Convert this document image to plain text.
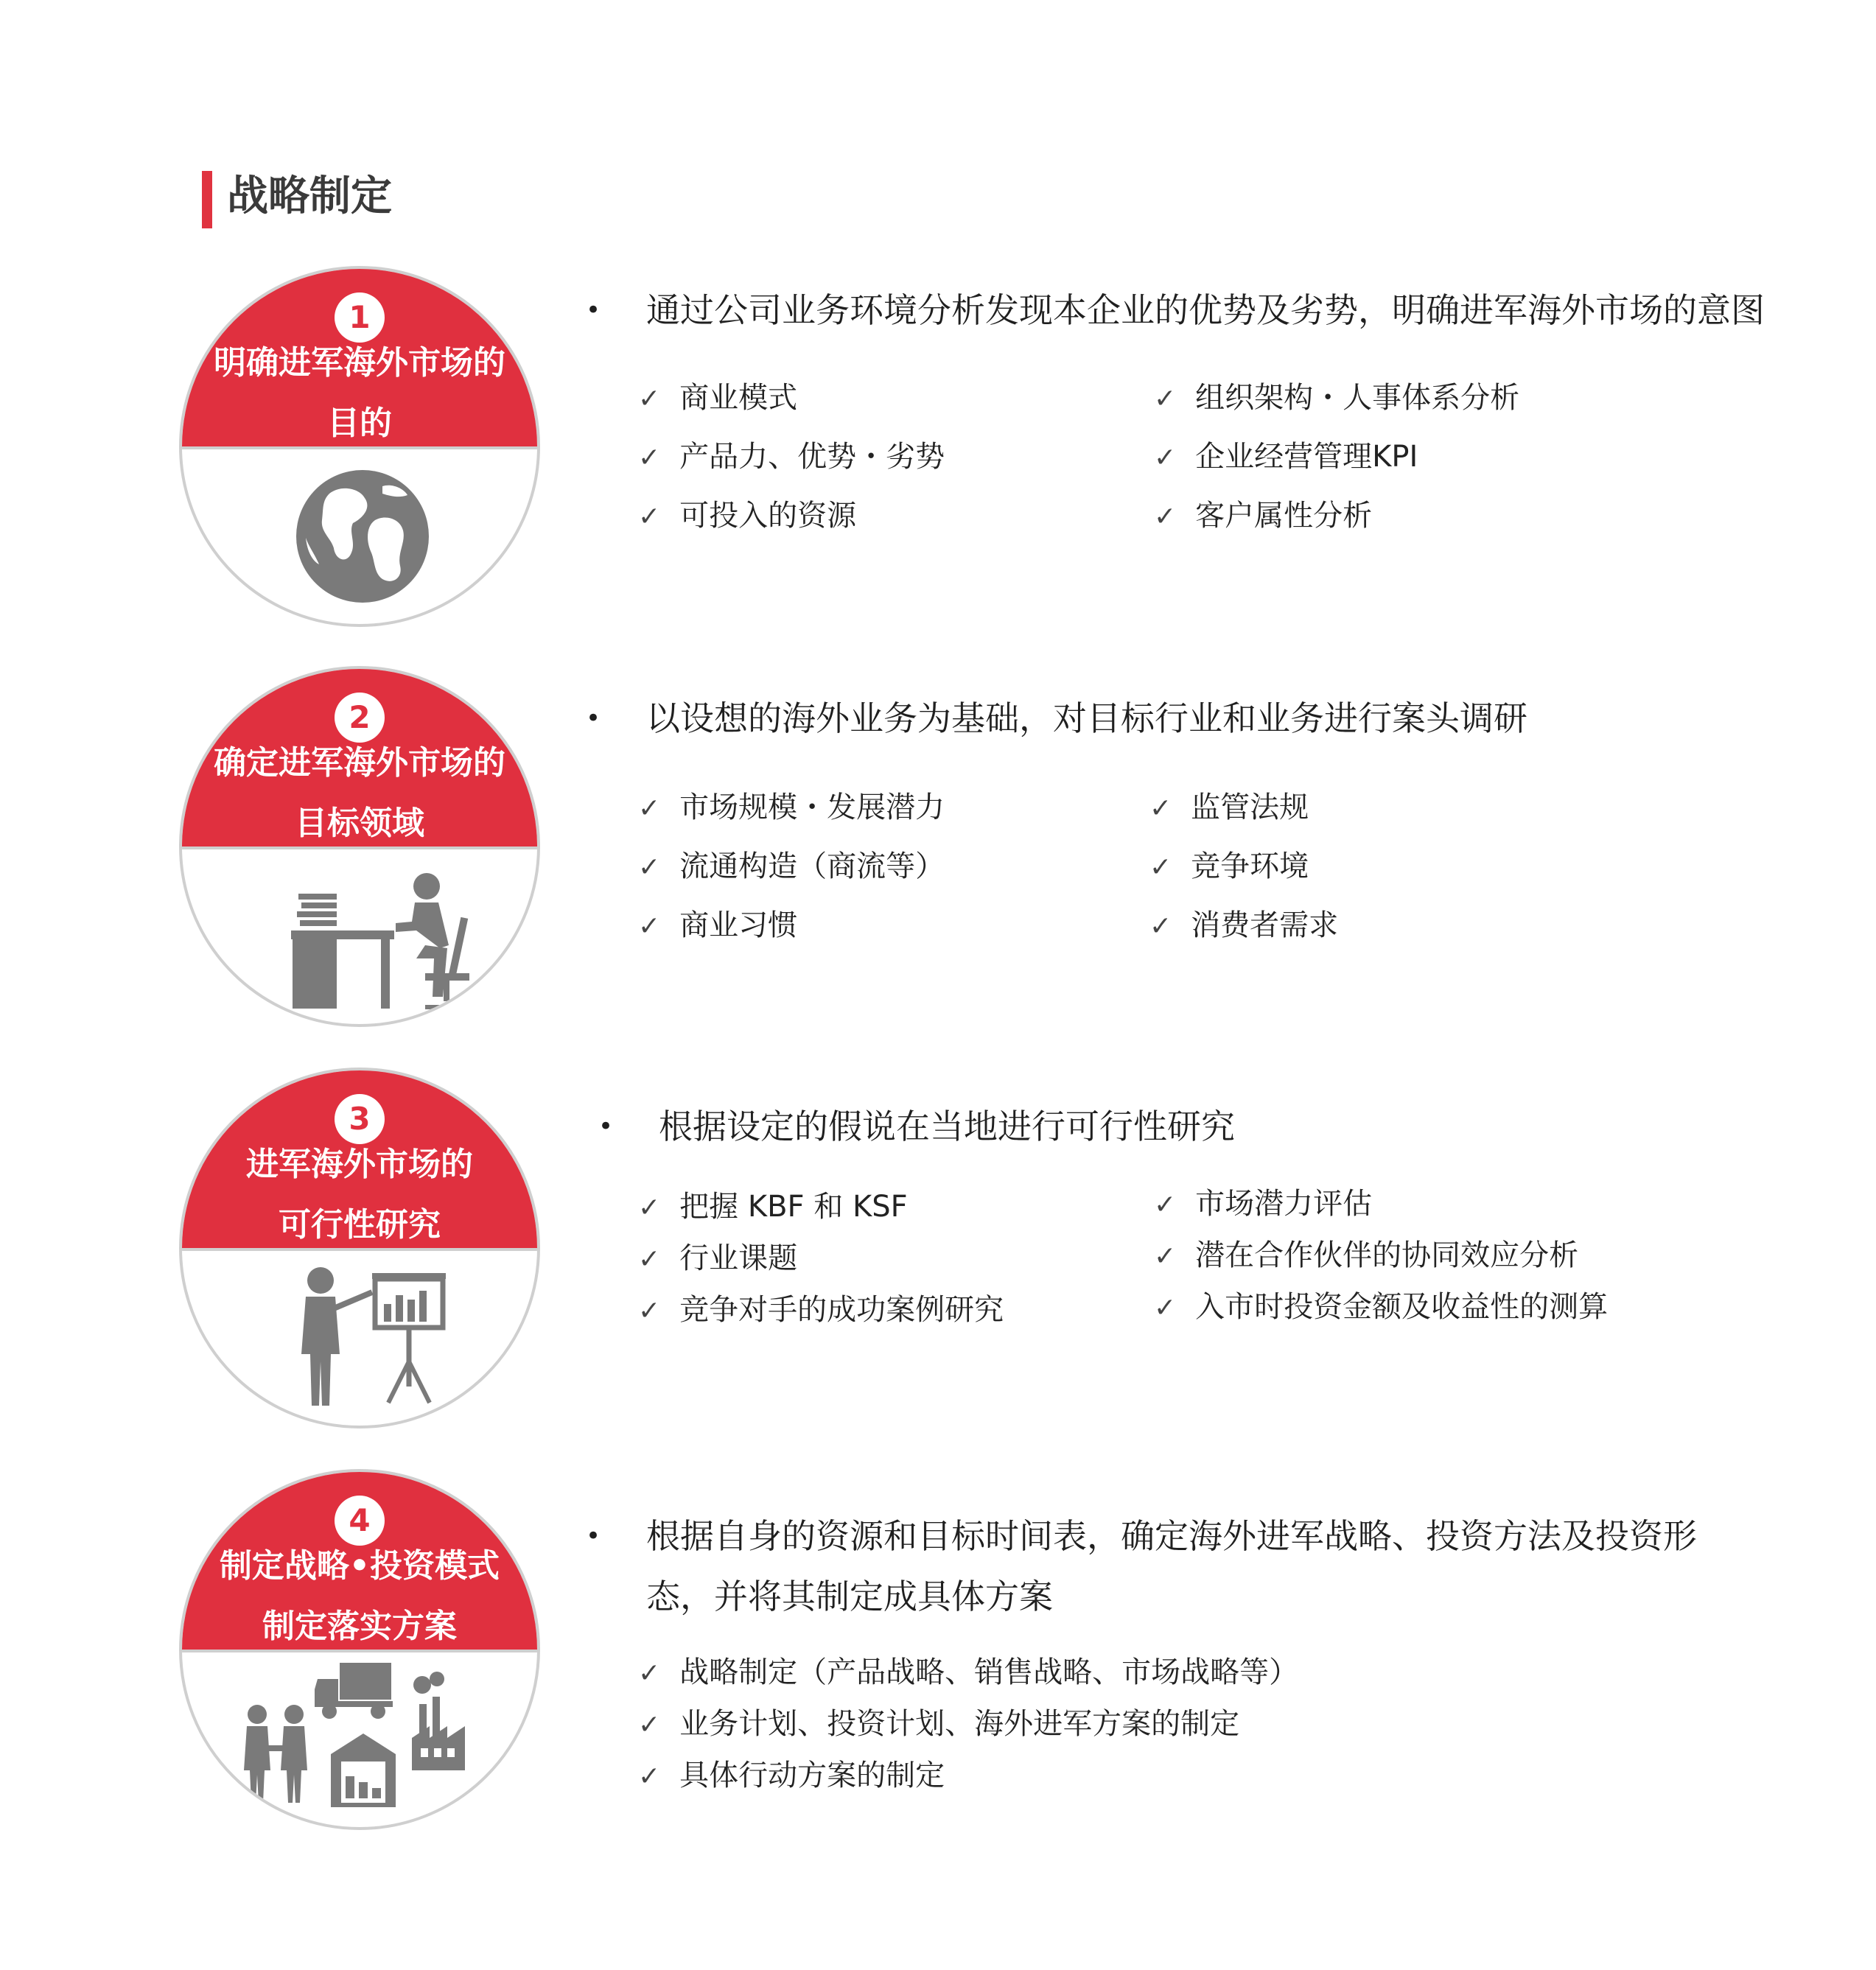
战略制定
1
明确进军海外市场的
目的
• 通过公司业务环境分析发现本企业的优势及劣势，明确进军海外市场的意图
✓ 商业模式
✓ 产品力、优势・劣势
✓ 可投入的资源
✓ 组织架构・人事体系分析
✓ 企业经营管理KPI
✓ 客户属性分析
2
确定进军海外市场的
目标领域
• 以设想的海外业务为基础，对目标行业和业务进行案头调研
✓ 市场规模・发展潜力
✓ 流通构造（商流等）
✓ 商业习惯
✓ 监管法规
✓ 竞争环境
✓ 消费者需求
3
进军海外市场的
可行性研究
• 根据设定的假说在当地进行可行性研究
✓ 把握 KBF 和 KSF
✓ 行业课题
✓ 竞争对手的成功案例研究
✓ 市场潜力评估
✓ 潜在合作伙伴的协同效应分析
✓ 入市时投资金额及收益性的测算
4
制定战略•投资模式
制定落实方案
• 根据自身的资源和目标时间表，确定海外进军战略、投资方法及投资形
态，并将其制定成具体方案
✓ 战略制定（产品战略、销售战略、市场战略等）
✓ 业务计划、投资计划、海外进军方案的制定
✓ 具体行动方案的制定
